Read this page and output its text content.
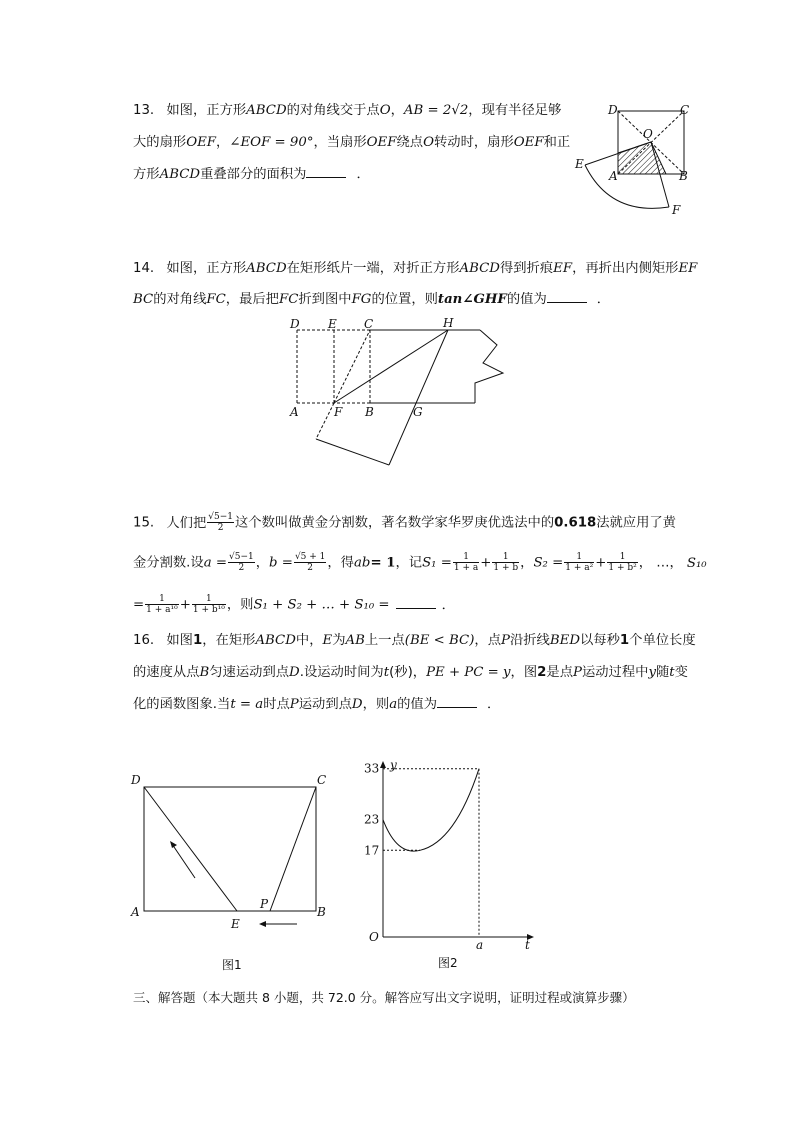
13. 如图，正方形ABCD的对角线交于点O，AB = 2√2，现有半径足够
大的扇形OEF，∠EOF = 90°，当扇形OEF绕点O转动时，扇形OEF和正
方形ABCD重叠部分的面积为	．
D	C
O
E
A	B
F
14. 如图，正方形ABCD在矩形纸片一端，对折正方形ABCD得到折痕EF，再折出内侧矩形EF
BC的对角线FC，最后把FC折到图中FG的位置，则tan∠GHF的值为	．
D E C	H
A	F B	G
15. 人们把 $\frac{√5-1}{2}$ 这个数叫做黄金分割数，著名数学家华罗庚优选法中的0.618法就应用了黄
金分割数.设$a = \frac{√5-1}{2}$ ，$b = \frac{√5 + 1}{2}$ ，得ab= 1，记$S_1 = \frac{1}{1 + a} + \frac{1}{1 + b}$ ，$S_2 = \frac{1}{\text{1 + a²}} + \frac{1}{\text{1 + b²}}$ ， …， S₁₀
= $\frac{1}{\text{1 + a¹⁰}} + \frac{1}{\text{1 + b¹⁰}}$ ，则S₁ + S₂ + … + S₁₀ =	．
16. 如图1，在矩形ABCD中，E为AB上一点(BE < BC)，点P沿折线BED以每秒1个单位长度
的速度从点B匀速运动到点D.设运动时间为t(秒)，PE + PC = y，图2是点P运动过程中y随t变
化的函数图象.当t = a时点P运动到点D，则a的值为	．
D	C
A
E
P
B
图1
y
t
O
a
33
23
17
图2
三、解答题（本大题共 8 小题，共 72.0 分。解答应写出文字说明，证明过程或演算步骤）
